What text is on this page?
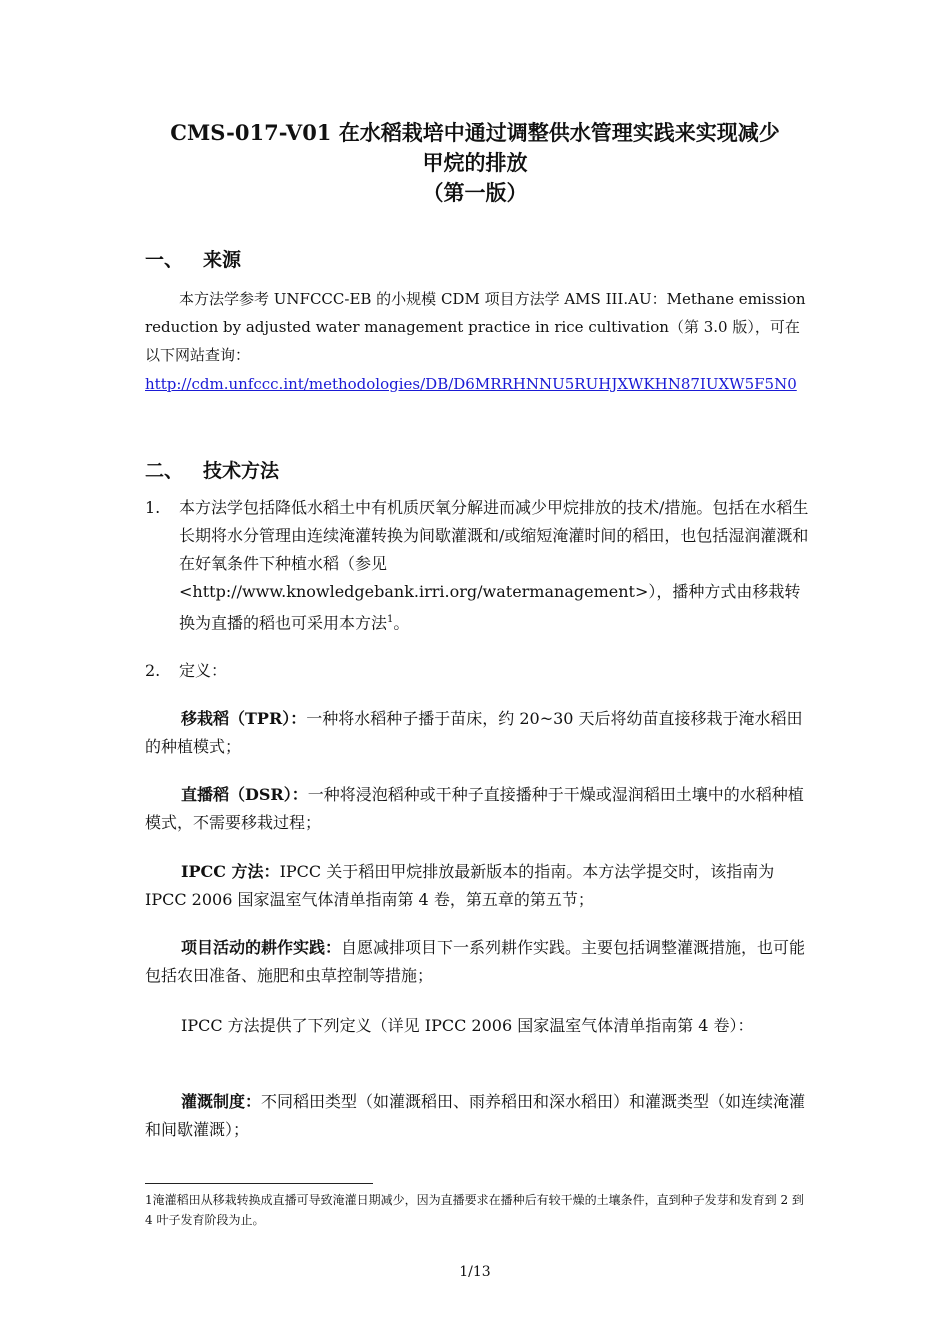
CMS-017-V01 在水稻栽培中通过调整供水管理实践来实现减少
甲烷的排放
（第一版）
一、 来源
本方法学参考 UNFCCC-EB 的小规模 CDM 项目方法学 AMS III.AU：Methane emission reduction by adjusted water management practice in rice cultivation（第 3.0 版），可在以下网站查询：
http://cdm.unfccc.int/methodologies/DB/D6MRRHNNU5RUHJXWKHN87IUXW5F5N0
二、 技术方法
1. 本方法学包括降低水稻土中有机质厌氧分解进而减少甲烷排放的技术/措施。包括在水稻生长期将水分管理由连续淹灌转换为间歇灌溉和/或缩短淹灌时间的稻田，也包括湿润灌溉和在好氧条件下种植水稻（参见<http://www.knowledgebank.irri.org/watermanagement>），播种方式由移栽转换为直播的稻也可采用本方法$^1$。
2. 定义：
移栽稻（TPR）：一种将水稻种子播于苗床，约 20~30 天后将幼苗直接移栽于淹水稻田的种植模式；
直播稻（DSR）：一种将浸泡稻种或干种子直接播种于干燥或湿润稻田土壤中的水稻种植模式，不需要移栽过程；
IPCC 方法：IPCC 关于稻田甲烷排放最新版本的指南。本方法学提交时，该指南为 IPCC 2006 国家温室气体清单指南第 4 卷，第五章的第五节；
项目活动的耕作实践：自愿减排项目下一系列耕作实践。主要包括调整灌溉措施，也可能包括农田准备、施肥和虫草控制等措施；
IPCC 方法提供了下列定义（详见 IPCC 2006 国家温室气体清单指南第 4 卷）：
灌溉制度：不同稻田类型（如灌溉稻田、雨养稻田和深水稻田）和灌溉类型（如连续淹灌和间歇灌溉）；
1淹灌稻田从移栽转换成直播可导致淹灌日期减少，因为直播要求在播种后有较干燥的土壤条件，直到种子发芽和发育到 2 到 4 叶子发育阶段为止。
1/13
